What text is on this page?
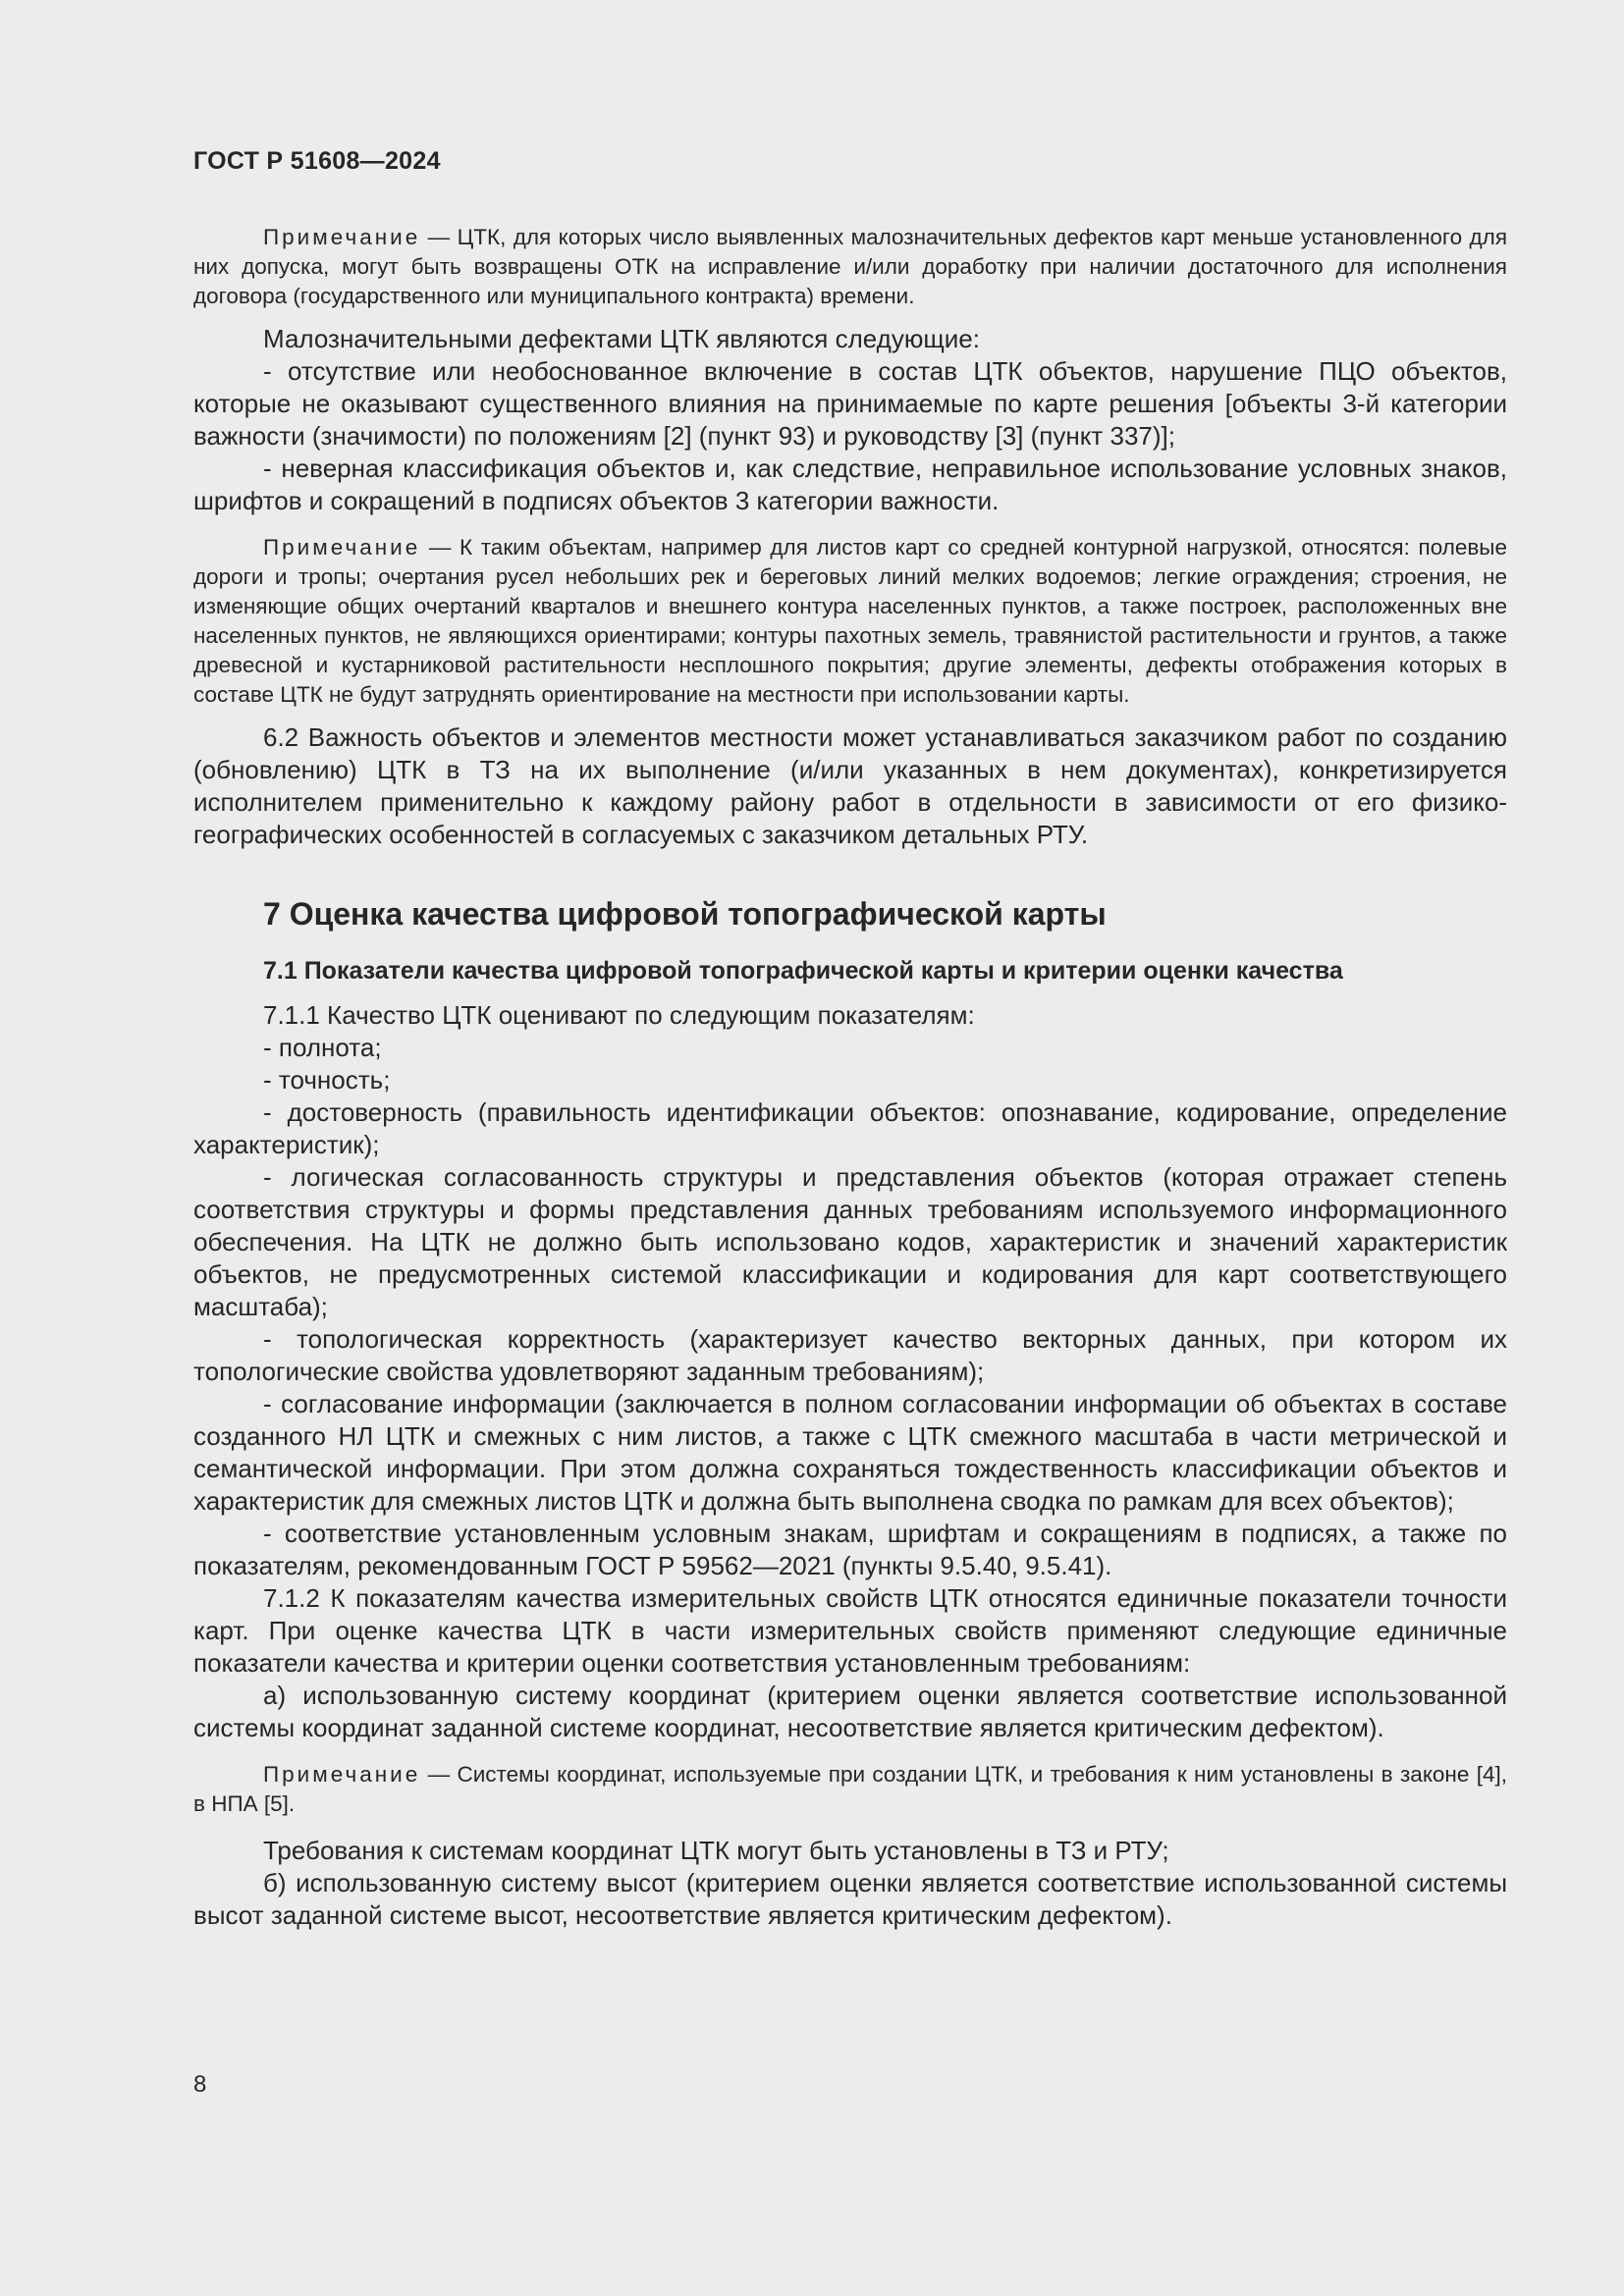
ГОСТ Р 51608—2024

Примечание — ЦТК, для которых число выявленных малозначительных дефектов карт меньше установленного для них допуска, могут быть возвращены ОТК на исправление и/или доработку при наличии достаточного для исполнения договора (государственного или муниципального контракта) времени.

Малозначительными дефектами ЦТК являются следующие:

- отсутствие или необоснованное включение в состав ЦТК объектов, нарушение ПЦО объектов, которые не оказывают существенного влияния на принимаемые по карте решения [объекты 3-й категории важности (значимости) по положениям [2] (пункт 93) и руководству [3] (пункт 337)];

- неверная классификация объектов и, как следствие, неправильное использование условных знаков, шрифтов и сокращений в подписях объектов 3 категории важности.

Примечание — К таким объектам, например для листов карт со средней контурной нагрузкой, относятся: полевые дороги и тропы; очертания русел небольших рек и береговых линий мелких водоемов; легкие ограждения; строения, не изменяющие общих очертаний кварталов и внешнего контура населенных пунктов, а также построек, расположенных вне населенных пунктов, не являющихся ориентирами; контуры пахотных земель, травянистой растительности и грунтов, а также древесной и кустарниковой растительности несплошного покрытия; другие элементы, дефекты отображения которых в составе ЦТК не будут затруднять ориентирование на местности при использовании карты.

6.2 Важность объектов и элементов местности может устанавливаться заказчиком работ по созданию (обновлению) ЦТК в ТЗ на их выполнение (и/или указанных в нем документах), конкретизируется исполнителем применительно к каждому району работ в отдельности в зависимости от его физико-географических особенностей в согласуемых с заказчиком детальных РТУ.

7 Оценка качества цифровой топографической карты
7.1 Показатели качества цифровой топографической карты и критерии оценки качества

7.1.1 Качество ЦТК оценивают по следующим показателям:

- полнота;

- точность;

- достоверность (правильность идентификации объектов: опознавание, кодирование, определение характеристик);

- логическая согласованность структуры и представления объектов (которая отражает степень соответствия структуры и формы представления данных требованиям используемого информационного обеспечения. На ЦТК не должно быть использовано кодов, характеристик и значений характеристик объектов, не предусмотренных системой классификации и кодирования для карт соответствующего масштаба);

- топологическая корректность (характеризует качество векторных данных, при котором их топологические свойства удовлетворяют заданным требованиям);

- согласование информации (заключается в полном согласовании информации об объектах в составе созданного НЛ ЦТК и смежных с ним листов, а также с ЦТК смежного масштаба в части метрической и семантической информации. При этом должна сохраняться тождественность классификации объектов и характеристик для смежных листов ЦТК и должна быть выполнена сводка по рамкам для всех объектов);

- соответствие установленным условным знакам, шрифтам и сокращениям в подписях, а также по показателям, рекомендованным ГОСТ Р 59562—2021 (пункты 9.5.40, 9.5.41).

7.1.2 К показателям качества измерительных свойств ЦТК относятся единичные показатели точности карт. При оценке качества ЦТК в части измерительных свойств применяют следующие единичные показатели качества и критерии оценки соответствия установленным требованиям:

а) использованную систему координат (критерием оценки является соответствие использованной системы координат заданной системе координат, несоответствие является критическим дефектом).

Примечание — Системы координат, используемые при создании ЦТК, и требования к ним установлены в законе [4], в НПА [5].

Требования к системам координат ЦТК могут быть установлены в ТЗ и РТУ;

б) использованную систему высот (критерием оценки является соответствие использованной системы высот заданной системе высот, несоответствие является критическим дефектом).

8
